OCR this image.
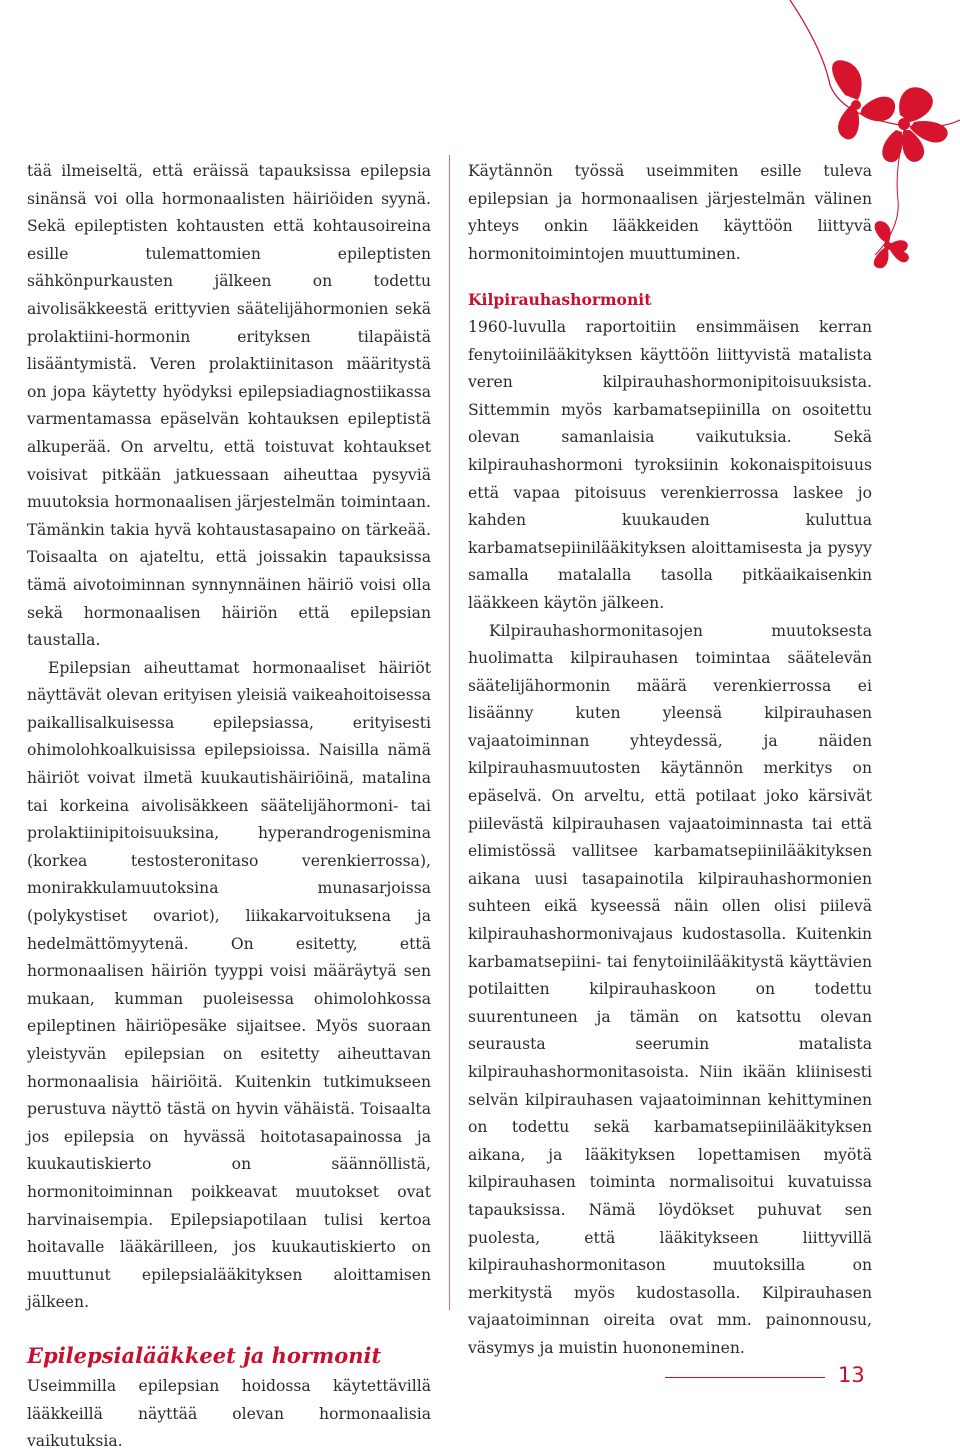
tää ilmeiseltä, että eräissä tapauksissa epilepsia sinänsä voi olla hormonaalisten häiriöiden syynä. Sekä epileptisten kohtausten että kohtausoireina esille tulemattomien epileptisten sähkönpurkausten jälkeen on todettu aivolisäkkeestä erittyvien säätelijähormonien sekä prolaktiini-hormonin erityksen tilapäistä lisääntymistä. Veren prolaktiinitason määritystä on jopa käytetty hyödyksi epilepsiadiagnostiikassa varmentamassa epäselvän kohtauksen epileptistä alkuperää. On arveltu, että toistuvat kohtaukset voisivat pitkään jatkuessaan aiheuttaa pysyviä muutoksia hormonaalisen järjestelmän toimintaan. Tämänkin takia hyvä kohtaustasapaino on tärkeää. Toisaalta on ajateltu, että joissakin tapauksissa tämä aivotoiminnan synnynnäinen häiriö voisi olla sekä hormonaalisen häiriön että epilepsian taustalla.

Epilepsian aiheuttamat hormonaaliset häiriöt näyttävät olevan erityisen yleisiä vaikeahoitoisessa paikallisalkuisessa epilepsiassa, erityisesti ohimolohkoalkuisissa epilepsioissa. Naisilla nämä häiriöt voivat ilmetä kuukautishäiriöinä, matalina tai korkeina aivolisäkkeen säätelijähormoni- tai prolaktiinipitoisuuksina, hyperandrogenismina (korkea testosteronitaso verenkierrossa), monirakkulamuutoksina munasarjoissa (polykystiset ovariot), liikakarvoituksena ja hedelmättömyytenä. On esitetty, että hormonaalisen häiriön tyyppi voisi määräytyä sen mukaan, kumman puoleisessa ohimolohkossa epileptinen häiriöpesäke sijaitsee. Myös suoraan yleistyvän epilepsian on esitetty aiheuttavan hormonaalisia häiriöitä. Kuitenkin tutkimukseen perustuva näyttö tästä on hyvin vähäistä. Toisaalta jos epilepsia on hyvässä hoitotasapainossa ja kuukautiskierto on säännöllistä, hormonitoiminnan poikkeavat muutokset ovat harvinaisempia. Epilepsiapotilaan tulisi kertoa hoitavalle lääkärilleen, jos kuukautiskierto on muuttunut epilepsialääkityksen aloittamisen jälkeen.

Epilepsialääkkeet ja hormonit

Useimmilla epilepsian hoidossa käytettävillä lääkkeillä näyttää olevan hormonaalisia vaikutuksia.

Käytännön työssä useimmiten esille tuleva epilepsian ja hormonaalisen järjestelmän välinen yhteys onkin lääkkeiden käyttöön liittyvä hormonitoimintojen muuttuminen.

Kilpirauhashormonit

1960-luvulla raportoitiin ensimmäisen kerran fenytoiinilääkityksen käyttöön liittyvistä matalista veren kilpirauhashormonipitoisuuksista. Sittemmin myös karbamatsepiinilla on osoitettu olevan samanlaisia vaikutuksia. Sekä kilpirauhashormoni tyroksiinin kokonaispitoisuus että vapaa pitoisuus verenkierrossa laskee jo kahden kuukauden kuluttua karbamatsepiinilääkityksen aloittamisesta ja pysyy samalla matalalla tasolla pitkäaikaisenkin lääkkeen käytön jälkeen.

Kilpirauhashormonitasojen muutoksesta huolimatta kilpirauhasen toimintaa säätelevän säätelijähormonin määrä verenkierrossa ei lisäänny kuten yleensä kilpirauhasen vajaatoiminnan yhteydessä, ja näiden kilpirauhasmuutosten käytännön merkitys on epäselvä. On arveltu, että potilaat joko kärsivät piilevästä kilpirauhasen vajaatoiminnasta tai että elimistössä vallitsee karbamatsepiinilääkityksen aikana uusi tasapainotila kilpirauhashormonien suhteen eikä kyseessä näin ollen olisi piilevä kilpirauhashormonivajaus kudostasolla. Kuitenkin karbamatsepiini- tai fenytoiinilääkitystä käyttävien potilaitten kilpirauhaskoon on todettu suurentuneen ja tämän on katsottu olevan seurausta seerumin matalista kilpirauhashormonitasoista. Niin ikään kliinisesti selvän kilpirauhasen vajaatoiminnan kehittyminen on todettu sekä karbamatsepiinilääkityksen aikana, ja lääkityksen lopettamisen myötä kilpirauhasen toiminta normalisoitui kuvatuissa tapauksissa. Nämä löydökset puhuvat sen puolesta, että lääkitykseen liittyvillä kilpirauhashormonitason muutoksilla on merkitystä myös kudostasolla. Kilpirauhasen vajaatoiminnan oireita ovat mm. painonnousu, väsymys ja muistin huononeminen.

13
